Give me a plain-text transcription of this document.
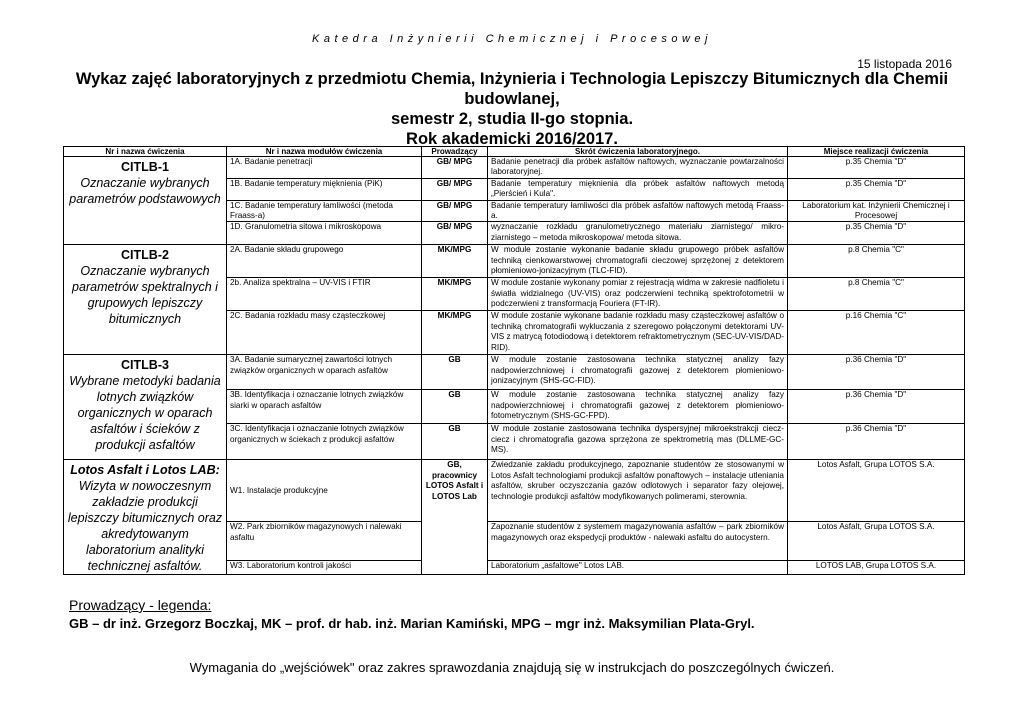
Katedra Inżynierii Chemicznej i Procesowej
15 listopada 2016
Wykaz zajęć laboratoryjnych z przedmiotu Chemia, Inżynieria i Technologia Lepiszczy Bitumicznych dla Chemii budowlanej,
semestr 2, studia II-go stopnia.
Rok akademicki 2016/2017.
Nr i nazwa ćwiczenia	Nr i nazwa modułów ćwiczenia	Prowadzący	Skrót ćwiczenia laboratoryjnego.	Miejsce realizacji ćwiczenia

CITLB-1
Oznaczanie wybranych parametrów podstawowych	1A. Badanie penetracji	GB/ MPG	Badanie penetracji dla próbek asfaltów naftowych, wyznaczanie powtarzalności laboratoryjnej.	p.35 Chemia "D"
	1B. Badanie temperatury mięknienia (PiK)	GB/ MPG	Badanie temperatury mięknienia dla próbek asfaltów naftowych metodą „Pierścień i Kula".	p.35 Chemia "D"
	1C. Badanie temperatury łamliwości (metoda Fraass-a)	GB/ MPG	Badanie temperatury łamliwości dla próbek asfaltów naftowych metodą Fraass-a.	Laboratorium kat. Inżynierii Chemicznej i Procesowej
	1D. Granulometria sitowa i mikroskopowa	GB/ MPG	wyznaczanie rozkładu granulometrycznego materiału ziarnistego/ mikro-ziarnistego – metoda mikroskopowa/ metoda sitowa.	p.35 Chemia "D"

CITLB-2
Oznaczanie wybranych parametrów spektralnych i grupowych lepiszczy bitumicznych	2A. Badanie składu grupowego	MK/MPG	W module zostanie wykonanie badanie składu grupowego próbek asfaltów techniką cienkowarstwowej chromatografii cieczowej sprzężonej z detektorem płomieniowo-jonizacyjnym (TLC-FID).	p.8 Chemia "C"
	2b. Analiza spektralna – UV-VIS i FTIR	MK/MPG	W module zostanie wykonany pomiar z rejestracją widma w zakresie nadfioletu i światła widzialnego (UV-VIS) oraz podczerwieni techniką spektrofotometrii w podczerwieni z transformacją Fouriera (FT-IR).	p.8 Chemia "C"
	2C. Badania rozkładu masy cząsteczkowej	MK/MPG	W module zostanie wykonane badanie rozkładu masy cząsteczkowej asfaltów o techniką chromatografii wykluczania z szeregowo połączonymi detektorami UV-VIS z matrycą fotodiodową i detektorem refraktometrycznym (SEC-UV-VIS/DAD-RID).	p.16 Chemia "C"

CITLB-3
Wybrane metodyki badania lotnych związków organicznych w oparach asfaltów i ścieków z produkcji asfaltów	3A. Badanie sumarycznej zawartości lotnych związków organicznych w oparach asfaltów	GB	W module zostanie zastosowana technika statycznej analizy fazy nadpowierzchniowej i chromatografii gazowej z detektorem płomieniowo-jonizacyjnym (SHS-GC-FID).	p.36 Chemia "D"
	3B. Identyfikacja i oznaczanie lotnych związków siarki w oparach asfaltów	GB	W module zostanie zastosowana technika statycznej analizy fazy nadpowierzchniowej i chromatografii gazowej z detektorem płomieniowo-fotometrycznym (SHS-GC-FPD).	p.36 Chemia "D"
	3C. Identyfikacja i oznaczanie lotnych związków organicznych w ściekach z produkcji asfaltów	GB	W module zostanie zastosowana technika dyspersyjnej mikroekstrakcji ciecz-ciecz i chromatografia gazowa sprzężona ze spektrometrią mas (DLLME-GC-MS).	p.36 Chemia "D"
Lotos Asfalt i Lotos LAB:
Wizyta w nowoczesnym zakładzie produkcji lepiszczy bitumicznych oraz akredytowanym laboratorium analityki technicznej asfaltów.	W1. Instalacje produkcyjne	GB, pracownicy LOTOS Asfalt i LOTOS Lab	Zwiedzanie zakładu produkcyjnego, zapoznanie studentów ze stosowanymi w Lotos Asfalt technologiami produkcji asfaltów ponaftowych – instalacje utleniania asfaltów, skruber oczyszczania gazów odlotowych i separator fazy olejowej, technologie produkcji asfaltów modyfikowanych polimerami, sterownia.	Lotos Asfalt, Grupa LOTOS S.A.
	W2. Park zbiorników magazynowych i nalewaki asfaltu		Zapoznanie studentów z systemem magazynowania asfaltów – park zbiorników magazynowych oraz ekspedycji produktów - nalewaki asfaltu do autocystern.	Lotos Asfalt, Grupa LOTOS S.A.
	W3. Laboratorium kontroli jakości		Laboratorium „asfaltowe" Lotos LAB.	LOTOS LAB, Grupa LOTOS S.A.
Prowadzący - legenda:
GB – dr inż. Grzegorz Boczkaj, MK – prof. dr hab. inż. Marian Kamiński, MPG – mgr inż. Maksymilian Plata-Gryl.
Wymagania do „wejściówek" oraz zakres sprawozdania znajdują się w instrukcjach do poszczególnych ćwiczeń.
